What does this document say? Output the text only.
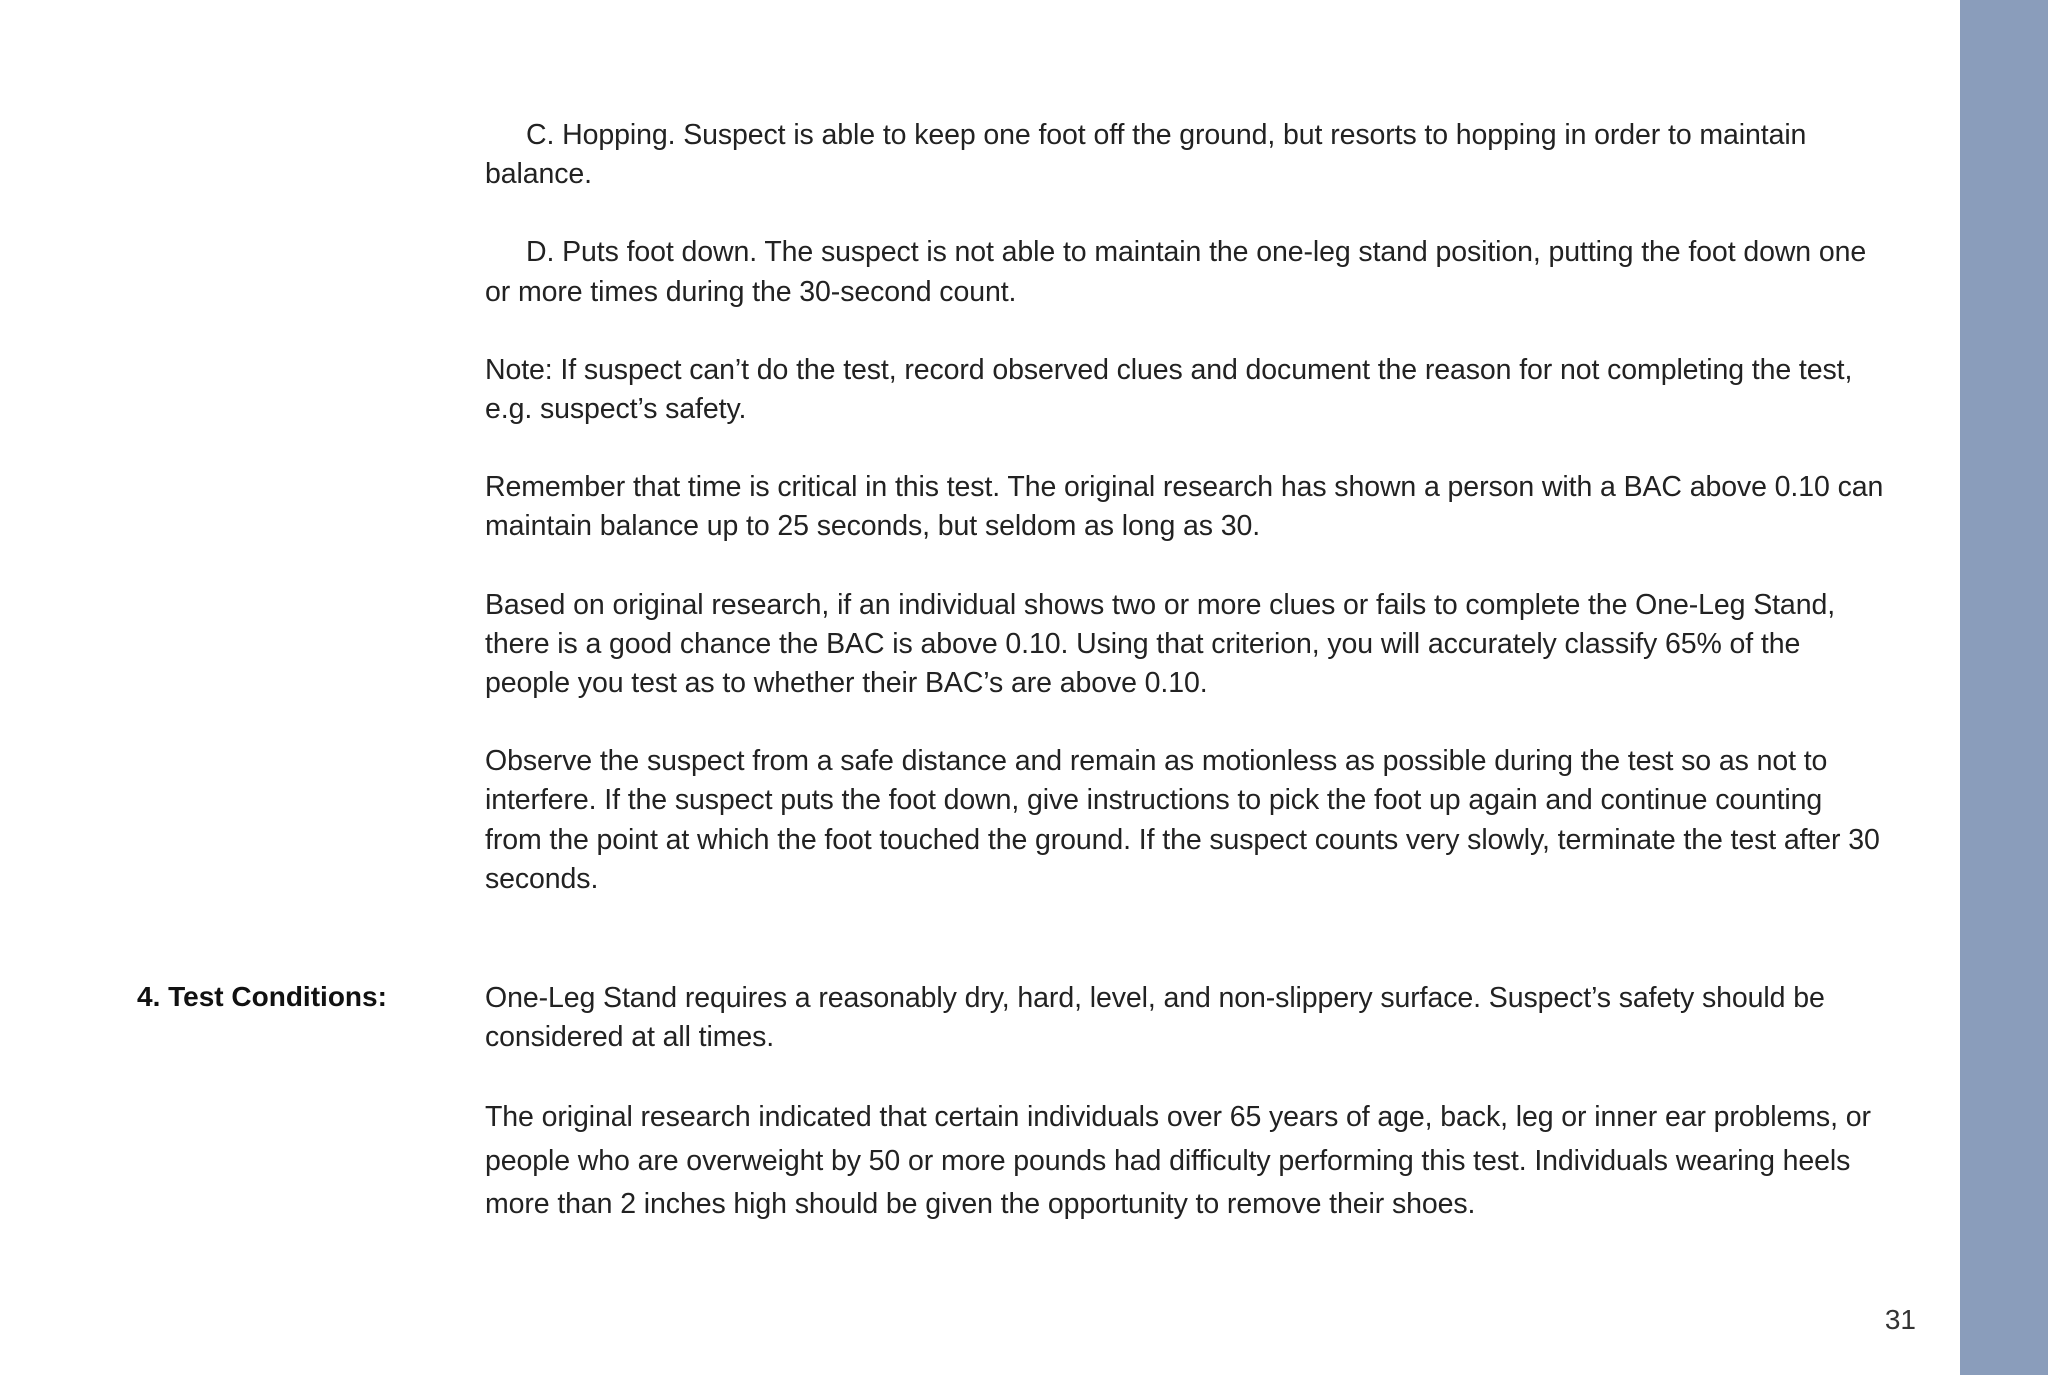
C. Hopping. Suspect is able to keep one foot off the ground, but resorts to hopping in order to maintain balance.

D. Puts foot down. The suspect is not able to maintain the one-leg stand position, putting the foot down one or more times during the 30-second count.

Note: If suspect can’t do the test, record observed clues and document the reason for not completing the test, e.g. suspect’s safety.

Remember that time is critical in this test. The original research has shown a person with a BAC above 0.10 can maintain balance up to 25 seconds, but seldom as long as 30.

Based on original research, if an individual shows two or more clues or fails to complete the One-Leg Stand, there is a good chance the BAC is above 0.10. Using that criterion, you will accurately classify 65% of the people you test as to whether their BAC’s are above 0.10.

Observe the suspect from a safe distance and remain as motionless as possible during the test so as not to interfere. If the suspect puts the foot down, give instructions to pick the foot up again and continue counting from the point at which the foot touched the ground. If the suspect counts very slowly, terminate the test after 30 seconds.

4. Test Conditions:	One-Leg Stand requires a reasonably dry, hard, level, and non-slippery surface. Suspect’s safety should be considered at all times.

The original research indicated that certain individuals over 65 years of age, back, leg or inner ear problems, or people who are overweight by 50 or more pounds had difficulty performing this test. Individuals wearing heels more than 2 inches high should be given the opportunity to remove their shoes.

31
